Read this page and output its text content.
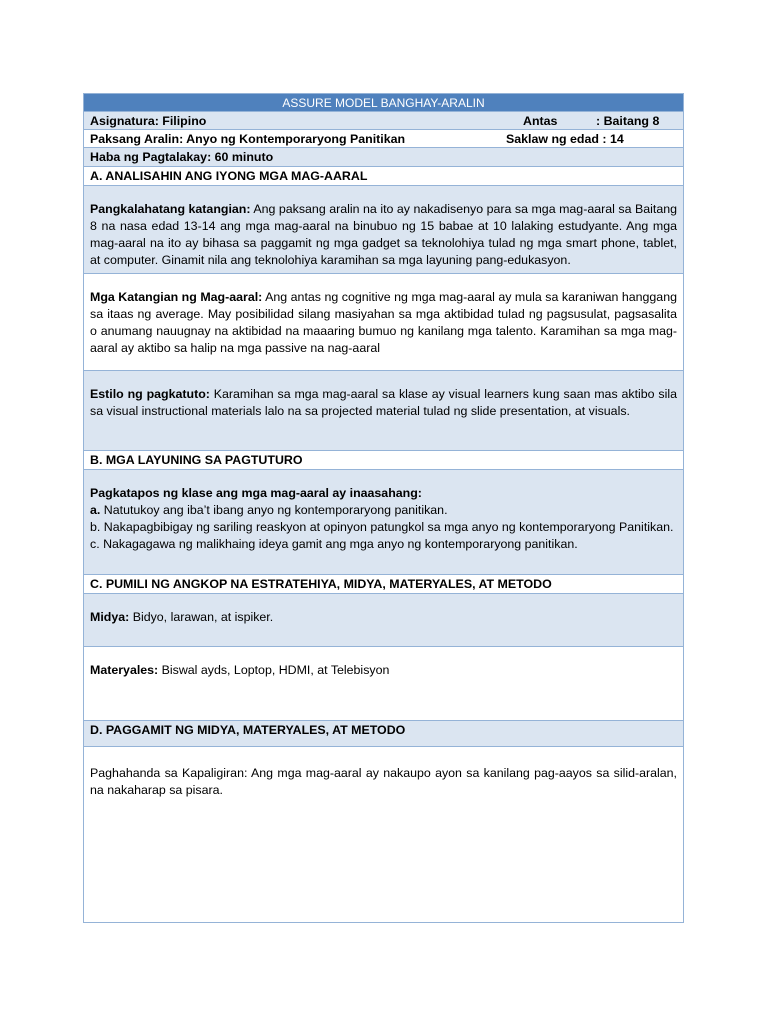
ASSURE MODEL BANGHAY-ARALIN
Asignatura: Filipino	Antas	: Baitang 8
Paksang Aralin: Anyo ng Kontemporaryong Panitikan	Saklaw ng edad : 14
Haba ng Pagtalakay: 60 minuto
A. ANALISAHIN ANG IYONG MGA MAG-AARAL

Pangkalahatang katangian: Ang paksang aralin na ito ay nakadisenyo para sa mga mag-aaral sa Baitang 8 na nasa edad 13-14 ang mga mag-aaral na binubuo ng 15 babae at 10 lalaking estudyante. Ang mga mag-aaral na ito ay bihasa sa paggamit ng mga gadget sa teknolohiya tulad ng mga smart phone, tablet, at computer. Ginamit nila ang teknolohiya karamihan sa mga layuning pang-edukasyon.

Mga Katangian ng Mag-aaral: Ang antas ng cognitive ng mga mag-aaral ay mula sa karaniwan hanggang sa itaas ng average. May posibilidad silang masiyahan sa mga aktibidad tulad ng pagsusulat, pagsasalita o anumang nauugnay na aktibidad na maaaring bumuo ng kanilang mga talento. Karamihan sa mga mag-aaral ay aktibo sa halip na mga passive na nag-aaral

Estilo ng pagkatuto: Karamihan sa mga mag-aaral sa klase ay visual learners kung saan mas aktibo sila sa visual instructional materials lalo na sa projected material tulad ng slide presentation, at visuals.

B. MGA LAYUNING SA PAGTUTURO

Pagkatapos ng klase ang mga mag-aaral ay inaasahang:

a. Natutukoy ang iba’t ibang anyo ng kontemporaryong panitikan.

b. Nakapagbibigay ng sariling reaskyon at opinyon patungkol sa mga anyo ng kontemporaryong Panitikan.

c. Nakagagawa ng malikhaing ideya gamit ang mga anyo ng kontemporaryong panitikan.

C. PUMILI NG ANGKOP NA ESTRATEHIYA, MIDYA, MATERYALES, AT METODO
Midya: Bidyo, larawan, at ispiker.
Materyales: Biswal ayds, Loptop, HDMI, at Telebisyon
D. PAGGAMIT NG MIDYA, MATERYALES, AT METODO

Paghahanda sa Kapaligiran: Ang mga mag-aaral ay nakaupo ayon sa kanilang pag-aayos sa silid-aralan, na nakaharap sa pisara.
